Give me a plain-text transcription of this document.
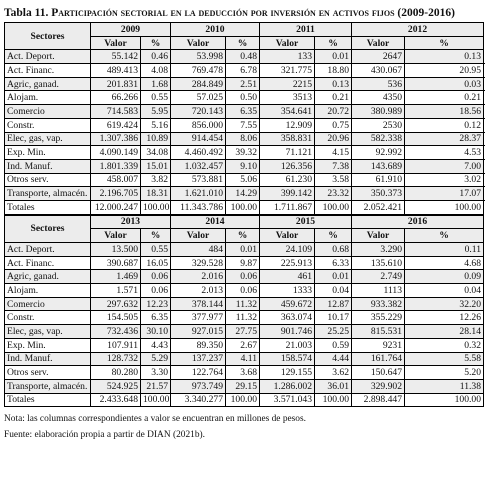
Tabla 11. Participación sectorial en la deducción por inversión en activos fijos (2009-2016)
Sectores	2009		2010		2011		2012		
	Valor	%	Valor	%	Valor	%	Valor	%	
Act. Deport.	55.142	0.46	53.998	0.48	133	0.01	2647	0.13	
Act. Financ.	489.413	4.08	769.478	6.78	321.775	18.80	430.067	20.95	
Agric, ganad.	201.831	1.68	284.849	2.51	2215	0.13	536	0.03	
Alojam.	66.266	0.55	57.025	0.50	3513	0.21	4350	0.21	
Comercio	714.583	5.95	720.143	6.35	354.641	20.72	380.989	18.56	
Constr.	619.424	5.16	856.000	7.55	12.909	0.75	2530	0.12	
Elec, gas, vap.	1.307.386	10.89	914.454	8.06	358.831	20.96	582.338	28.37	
Exp. Min.	4.090.149	34.08	4.460.492	39.32	71.121	4.15	92.992	4.53	
Ind. Manuf.	1.801.339	15.01	1.032.457	9.10	126.356	7.38	143.689	7.00	
Otros serv.	458.007	3.82	573.881	5.06	61.230	3.58	61.910	3.02	
Transporte, almacén.	2.196.705	18.31	1.621.010	14.29	399.142	23.32	350.373	17.07	
Totales	12.000.247	100.00	11.343.786	100.00	1.711.867	100.00	2.052.421	100.00	
Sectores	2013		2014		2015		2016	
	Valor	%	Valor	%	Valor	%	Valor	%	
Act. Deport.	13.500	0.55	484	0.01	24.109	0.68	3.290	0.11	
Act. Financ.	390.687	16.05	329.528	9.87	225.913	6.33	135.610	4.68	
Agric, ganad.	1.469	0.06	2.016	0.06	461	0.01	2.749	0.09	
Alojam.	1.571	0.06	2.013	0.06	1333	0.04	1113	0.04	
Comercio	297.632	12.23	378.144	11.32	459.672	12.87	933.382	32.20	
Constr.	154.505	6.35	377.977	11.32	363.074	10.17	355.229	12.26	
Elec, gas, vap.	732.436	30.10	927.015	27.75	901.746	25.25	815.531	28.14	
Exp. Min.	107.911	4.43	89.350	2.67	21.003	0.59	9231	0.32	
Ind. Manuf.	128.732	5.29	137.237	4.11	158.574	4.44	161.764	5.58	
Otros serv.	80.280	3.30	122.764	3.68	129.155	3.62	150.647	5.20	
Transporte, almacén.	524.925	21.57	973.749	29.15	1.286.002	36.01	329.902	11.38	
Totales	2.433.648	100.00	3.340.277	100.00	3.571.043	100.00	2.898.447	100.00	
Nota: las columnas correspondientes a valor se encuentran en millones de pesos.
Fuente: elaboración propia a partir de DIAN (2021b).
